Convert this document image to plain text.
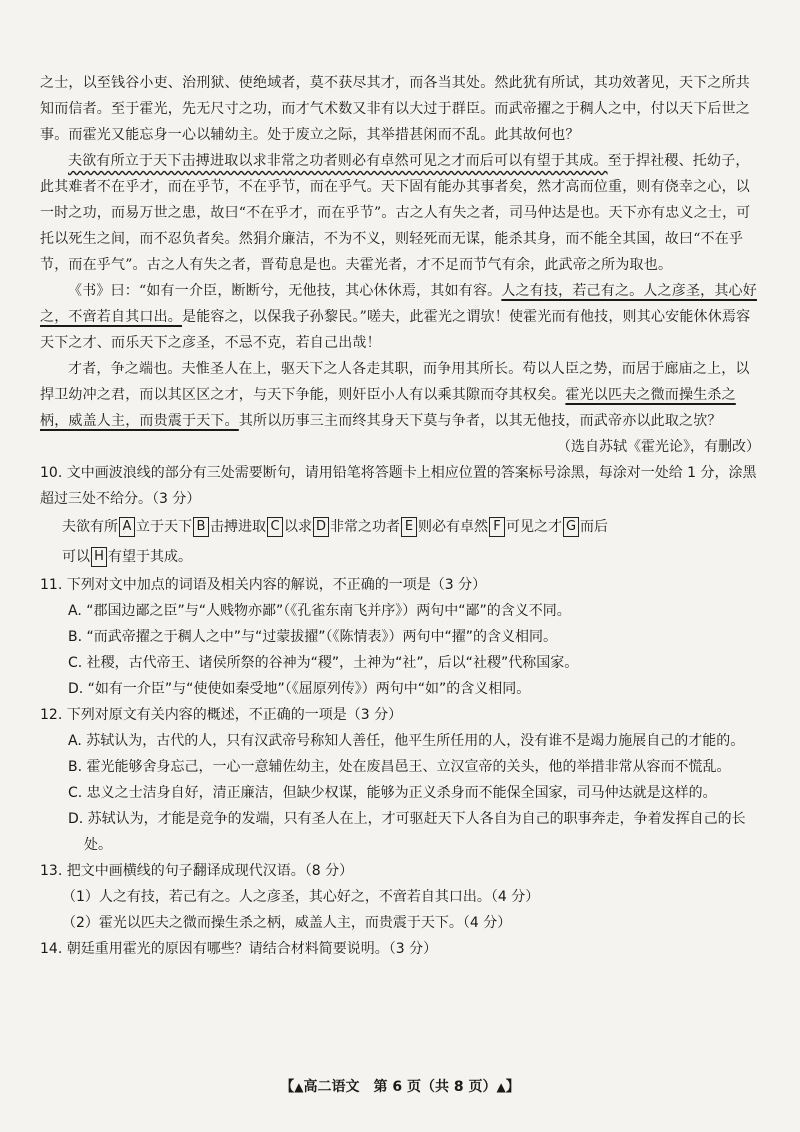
之士，以至钱谷小吏、治刑狱、使绝域者，莫不获尽其才，而各当其处。然此犹有所试，其功效著见，天下之所共知而信者。至于霍光，先无尺寸之功，而才气术数又非有以大过于群臣。而武帝擢之于稠人之中，付以天下后世之事。而霍光又能忘身一心以辅幼主。处于废立之际，其举措甚闲而不乱。此其故何也？

夫欲有所立于天下击搏进取以求非常之功者则必有卓然可见之才而后可以有望于其成。至于捍社稷、托幼子，此其难者不在乎才，而在乎节，不在乎节，而在乎气。天下固有能办其事者矣，然才高而位重，则有侥幸之心，以一时之功，而易万世之患，故曰“不在乎才，而在乎节”。古之人有失之者，司马仲达是也。天下亦有忠义之士，可托以死生之间，而不忍负者矣。然狷介廉洁，不为不义，则轻死而无谋，能杀其身，而不能全其国，故曰“不在乎节，而在乎气”。古之人有失之者，晋荀息是也。夫霍光者，才不足而节气有余，此武帝之所为取也。

《书》曰：“如有一介臣，断断兮，无他技，其心休休焉，其如有容。人之有技，若己有之。人之彦圣，其心好之，不啻若自其口出。是能容之，以保我子孙黎民。”嗟夫，此霍光之谓欤！使霍光而有他技，则其心安能休休焉容天下之才、而乐天下之彦圣，不忌不克，若自己出哉！

才者，争之端也。夫惟圣人在上，驱天下之人各走其职，而争用其所长。苟以人臣之势，而居于廊庙之上，以捍卫幼冲之君，而以其区区之才，与天下争能，则奸臣小人有以乘其隙而夺其权矣。霍光以匹夫之微而操生杀之柄，威盖人主，而贵震于天下。其所以历事三主而终其身天下莫与争者，以其无他技，而武帝亦以此取之欤？

（选自苏轼《霍光论》，有删改）

10. 文中画波浪线的部分有三处需要断句，请用铅笔将答题卡上相应位置的答案标号涂黑，每涂对一处给 1 分，涂黑超过三处不给分。（3 分）

夫欲有所 A 立于天下 B 击搏进取 C 以求 D 非常之功者 E 则必有卓然 F 可见之才 G 而后
可以 H 有望于其成。

11. 下列对文中加点的词语及相关内容的解说，不正确的一项是（3 分）

A. “郡国边鄙之臣”与“人贱物亦鄙”（《孔雀东南飞并序》）两句中“鄙”的含义不同。

B. “而武帝擢之于稠人之中”与“过蒙拔擢”（《陈情表》）两句中“擢”的含义相同。

C. 社稷，古代帝王、诸侯所祭的谷神为“稷”，土神为“社”，后以“社稷”代称国家。

D. “如有一介臣”与“使使如秦受地”（《屈原列传》）两句中“如”的含义相同。

12. 下列对原文有关内容的概述，不正确的一项是（3 分）

A. 苏轼认为，古代的人，只有汉武帝号称知人善任，他平生所任用的人，没有谁不是竭力施展自己的才能的。

B. 霍光能够舍身忘己，一心一意辅佐幼主，处在废昌邑王、立汉宣帝的关头，他的举措非常从容而不慌乱。

C. 忠义之士洁身自好，清正廉洁，但缺少权谋，能够为正义杀身而不能保全国家，司马仲达就是这样的。

D. 苏轼认为，才能是竞争的发端，只有圣人在上，才可驱赶天下人各自为自己的职事奔走，争着发挥自己的长处。

13. 把文中画横线的句子翻译成现代汉语。（8 分）

（1）人之有技，若己有之。人之彦圣，其心好之，不啻若自其口出。（4 分）

（2）霍光以匹夫之微而操生杀之柄，威盖人主，而贵震于天下。（4 分）

14. 朝廷重用霍光的原因有哪些？请结合材料简要说明。（3 分）

【▲高二语文　第 6 页（共 8 页）▲】
